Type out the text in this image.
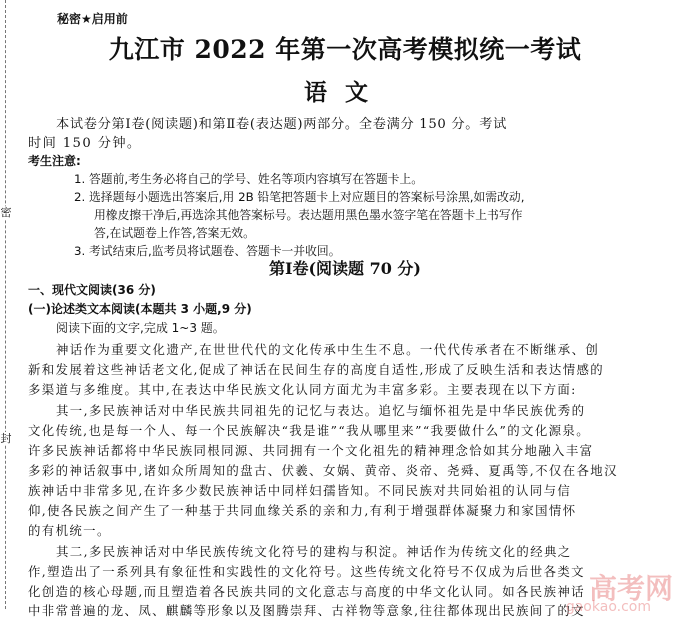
密
封
秘密★启用前
九江市 2022 年第一次高考模拟统一考试
语文
本试卷分第Ⅰ卷(阅读题)和第Ⅱ卷(表达题)两部分。全卷满分 150 分。考试
时间 150 分钟。
考生注意:
1. 答题前,考生务必将自己的学号、姓名等项内容填写在答题卡上。
2. 选择题每小题选出答案后,用 2B 铅笔把答题卡上对应题目的答案标号涂黑,如需改动,
用橡皮擦干净后,再选涂其他答案标号。表达题用黑色墨水签字笔在答题卡上书写作
答,在试题卷上作答,答案无效。
3. 考试结束后,监考员将试题卷、答题卡一并收回。
第Ⅰ卷(阅读题 70 分)
一、现代文阅读(36 分)
(一)论述类文本阅读(本题共 3 小题,9 分)
阅读下面的文字,完成 1~3 题。
神话作为重要文化遗产,在世世代代的文化传承中生生不息。一代代传承者在不断继承、创
新和发展着这些神话老文化,促成了神话在民间生存的高度自适性,形成了反映生活和表达情感的
多渠道与多维度。其中,在表达中华民族文化认同方面尤为丰富多彩。主要表现在以下方面:
其一,多民族神话对中华民族共同祖先的记忆与表达。追忆与缅怀祖先是中华民族优秀的
文化传统,也是每一个人、每一个民族解决“我是谁”“我从哪里来”“我要做什么”的文化源泉。
许多民族神话都将中华民族同根同源、共同拥有一个文化祖先的精神理念恰如其分地融入丰富
多彩的神话叙事中,诸如众所周知的盘古、伏羲、女娲、黄帝、炎帝、尧舜、夏禹等,不仅在各地汉
族神话中非常多见,在许多少数民族神话中同样妇孺皆知。不同民族对共同始祖的认同与信
仰,使各民族之间产生了一种基于共同血缘关系的亲和力,有利于增强群体凝聚力和家国情怀
的有机统一。
其二,多民族神话对中华民族传统文化符号的建构与积淀。神话作为传统文化的经典之
作,塑造出了一系列具有象征性和实践性的文化符号。这些传统文化符号不仅成为后世各类文
化创造的核心母题,而且塑造着各民族共同的文化意志与高度的中华文化认同。如各民族神话
中非常普遍的龙、凤、麒麟等形象以及图腾崇拜、古祥物等意象,往往都体现出民族间了的文
高考网
gaokao.com
